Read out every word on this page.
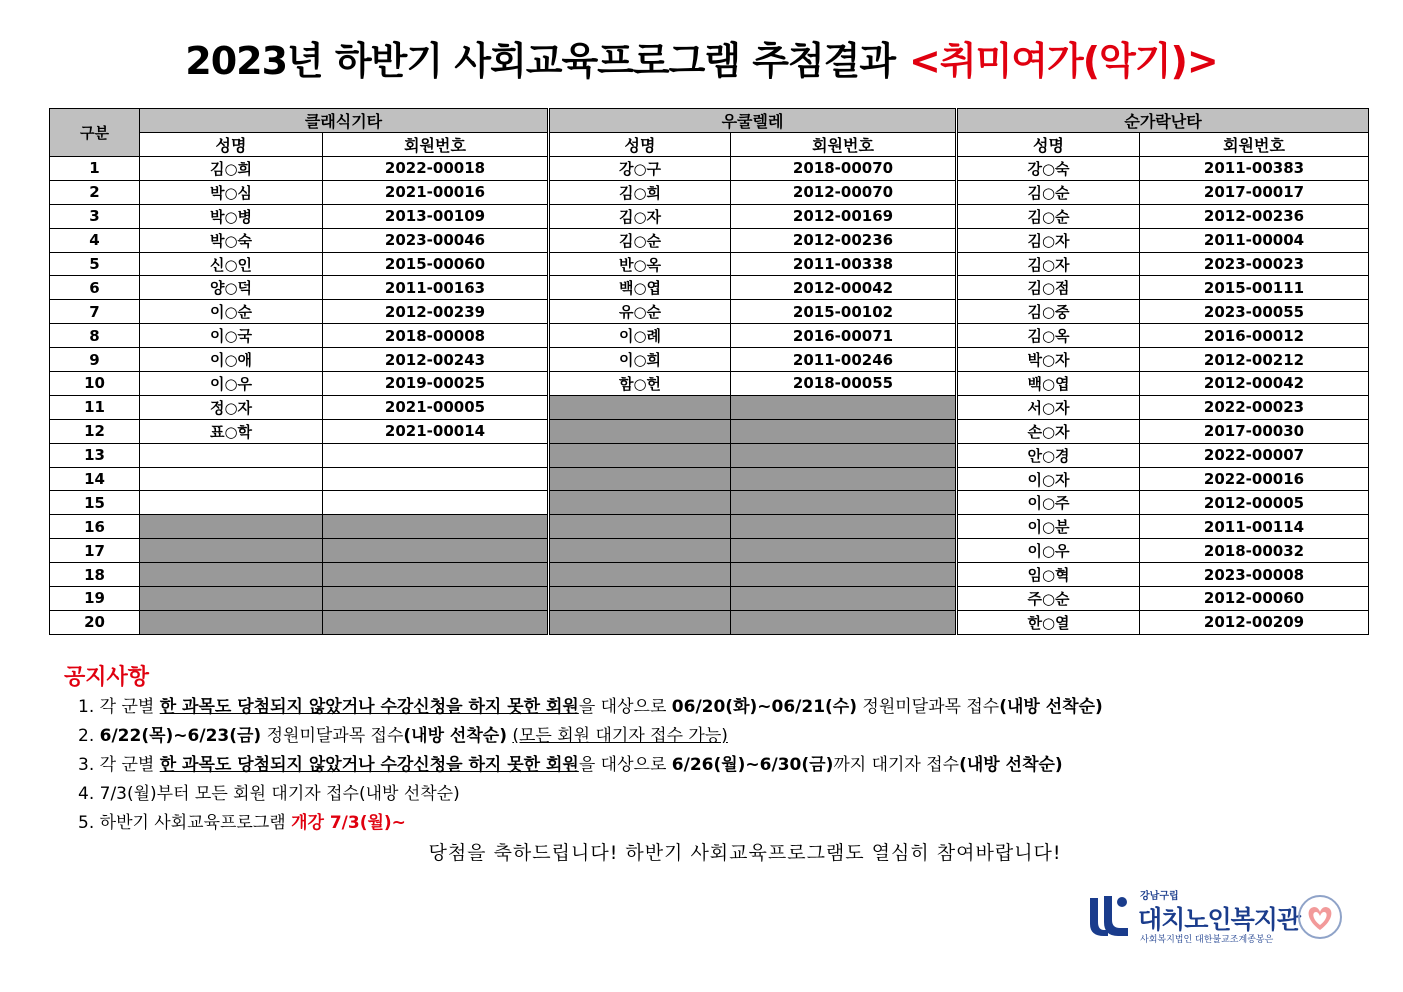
2023년 하반기 사회교육프로그램 추첨결과 <취미여가(악기)>
구분	클래식기타		우쿨렐레		순가락난타	
	성명	회원번호	성명	회원번호	성명	회원번호
1	김○희	2022-00018	강○구	2018-00070	강○숙	2011-00383
2	박○심	2021-00016	김○희	2012-00070	김○순	2017-00017
3	박○병	2013-00109	김○자	2012-00169	김○순	2012-00236
4	박○숙	2023-00046	김○순	2012-00236	김○자	2011-00004
5	신○인	2015-00060	반○옥	2011-00338	김○자	2023-00023
6	양○덕	2011-00163	백○엽	2012-00042	김○점	2015-00111
7	이○순	2012-00239	유○순	2015-00102	김○중	2023-00055
8	이○국	2018-00008	이○례	2016-00071	김○옥	2016-00012
9	이○애	2012-00243	이○희	2011-00246	박○자	2012-00212
10	이○우	2019-00025	함○헌	2018-00055	백○엽	2012-00042
11	정○자	2021-00005			서○자	2022-00023
12	표○학	2021-00014			손○자	2017-00030
13					안○경	2022-00007
14					이○자	2022-00016
15					이○주	2012-00005
16					이○분	2011-00114
17					이○우	2018-00032
18					임○혁	2023-00008
19					주○순	2012-00060
20					한○열	2012-00209
공지사항
1. 각 군별 한 과목도 당첨되지 않았거나 수강신청을 하지 못한 회원을 대상으로 06/20(화)~06/21(수) 정원미달과목 접수(내방 선착순)
2. 6/22(목)~6/23(금) 정원미달과목 접수(내방 선착순) (모든 회원 대기자 접수 가능)
3. 각 군별 한 과목도 당첨되지 않았거나 수강신청을 하지 못한 회원을 대상으로 6/26(월)~6/30(금)까지 대기자 접수(내방 선착순)
4. 7/3(월)부터 모든 회원 대기자 접수(내방 선착순)
5. 하반기 사회교육프로그램 개강 7/3(월)~
당첨을 축하드립니다! 하반기 사회교육프로그램도 열심히 참여바랍니다!
강남구립
대치노인복지관
사회복지법인 대한불교조계종봉은
